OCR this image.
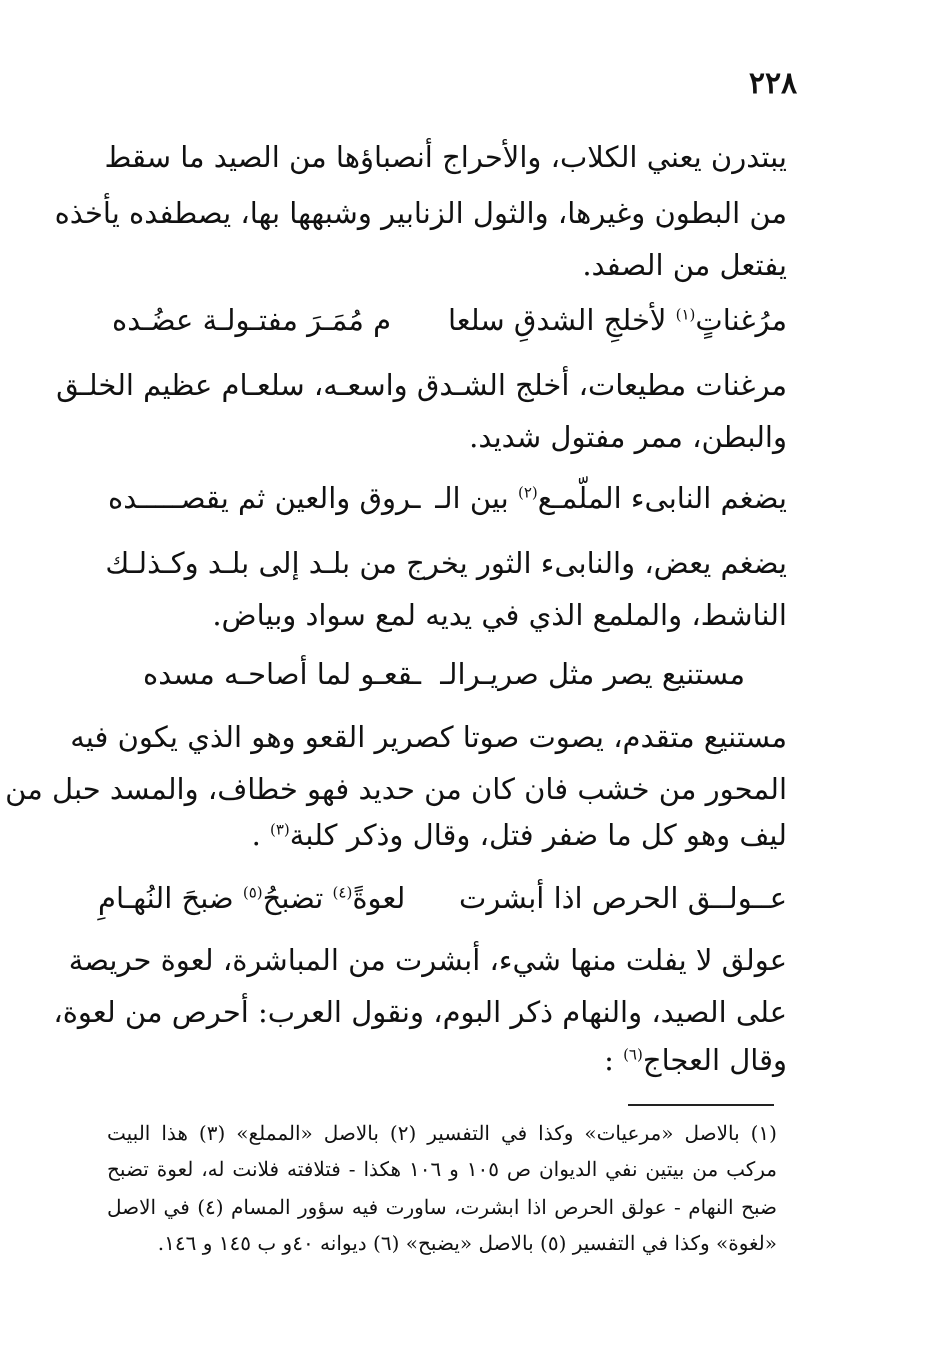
٢٢٨
يبتدرن يعني الكلاب، والأحراج أنصباؤها من الصيد ما سقط
من البطون وغيرها، والثول الزنابير وشبهها بها، يصطفده يأخذه
يفتعل من الصفد.
مرُغناتٍ$^{(١)}$ لأخلجِ الشدقِ سلعا
م مُمَـرَ مفتـولـة عضُـده
مرغنات مطيعات، أخلج الشـدق واسعـه، سلعـام عظيم الخلـق
والبطن، ممر مفتول شديد.
يضغم النابىء الملّمـع$^{(٢)}$ بين الـ
ـروق والعين ثم يقصـــــده
يضغم يعض، والنابىء الثور يخرج من بلـد إلى بلـد وكـذلـك
الناشط، والملمع الذي في يديه لمع سواد وبياض.
مستنيع يصر مثل صريـرالـ
ـقعـو لما أصاحـه مسده
مستنيع متقدم، يصوت صوتا كصرير القعو وهو الذي يكون فيه
المحور من خشب فان كان من حديد فهو خطاف، والمسد حبل من
ليف وهو كل ما ضفر فتل، وقال وذكر كلبة$^{(٣)}$ .
عــولــق الحرص اذا أبشرت
لعوةً$^{(٤)}$ تضبحُ$^{(٥)}$ ضبحَ النُهـامِ
عولق لا يفلت منها شيء، أبشرت من المباشرة، لعوة حريصة
على الصيد، والنهام ذكر البوم، ونقول العرب: أحرص من لعوة،
وقال العجاج$^{(٦)}$ :
(١) بالاصل «مرعيات» وكذا في التفسير (٢) بالاصل «المملع» (٣) هذا البيت
مركب من بيتين نفي الديوان ص ١٠٥ و ١٠٦ هكذا - فتلافته فلانت له، لعوة تضبح
ضبح النهام - عولق الحرص اذا ابشرت، ساورت فيه سؤور المسام (٤) في الاصل
«لغوة» وكذا في التفسير (٥) بالاصل «يضبح» (٦) ديوانه ٤٠و ب ١٤٥ و ١٤٦.
